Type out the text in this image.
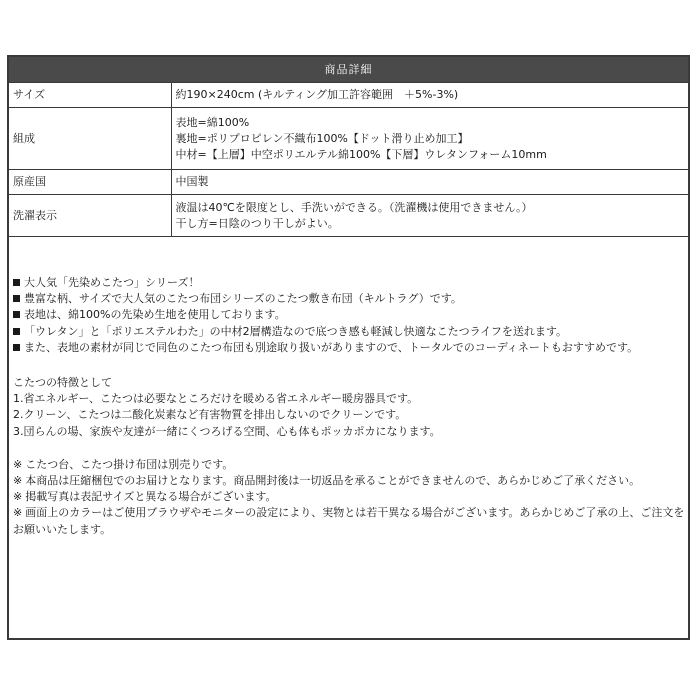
商品詳細
サイズ	約190×240cm (キルティング加工許容範囲　＋5%-3%)

組成	表地=綿100%
裏地=ポリプロピレン不織布100%【ドット滑り止め加工】
中材=【上層】中空ポリエルテル綿100%【下層】ウレタンフォーム10mm

原産国	中国製

洗濯表示	液温は40℃を限度とし、手洗いができる。（洗濯機は使用できません。）
干し方=日陰のつり干しがよい。
大人気「先染めこたつ」シリーズ！
豊富な柄、サイズで大人気のこたつ布団シリーズのこたつ敷き布団（キルトラグ）です。
表地は、綿100%の先染め生地を使用しております。
「ウレタン」と「ポリエステルわた」の中材2層構造なので底つき感も軽減し快適なこたつライフを送れます。
また、表地の素材が同じで同色のこたつ布団も別途取り扱いがありますので、トータルでのコーディネートもおすすめです。
こたつの特徴として
1.省エネルギー、こたつは必要なところだけを暖める省エネルギー暖房器具です。
2.クリーン、こたつは二酸化炭素など有害物質を排出しないのでクリーンです。
3.団らんの場、家族や友達が一緒にくつろげる空間、心も体もポッカポカになります。
※ こたつ台、こたつ掛け布団は別売りです。
※ 本商品は圧縮梱包でのお届けとなります。商品開封後は一切返品を承ることができませんので、あらかじめご了承ください。
※ 掲載写真は表記サイズと異なる場合がございます。
※ 画面上のカラーはご使用ブラウザやモニターの設定により、実物とは若干異なる場合がございます。あらかじめご了承の上、ご注文をお願いいたします。
